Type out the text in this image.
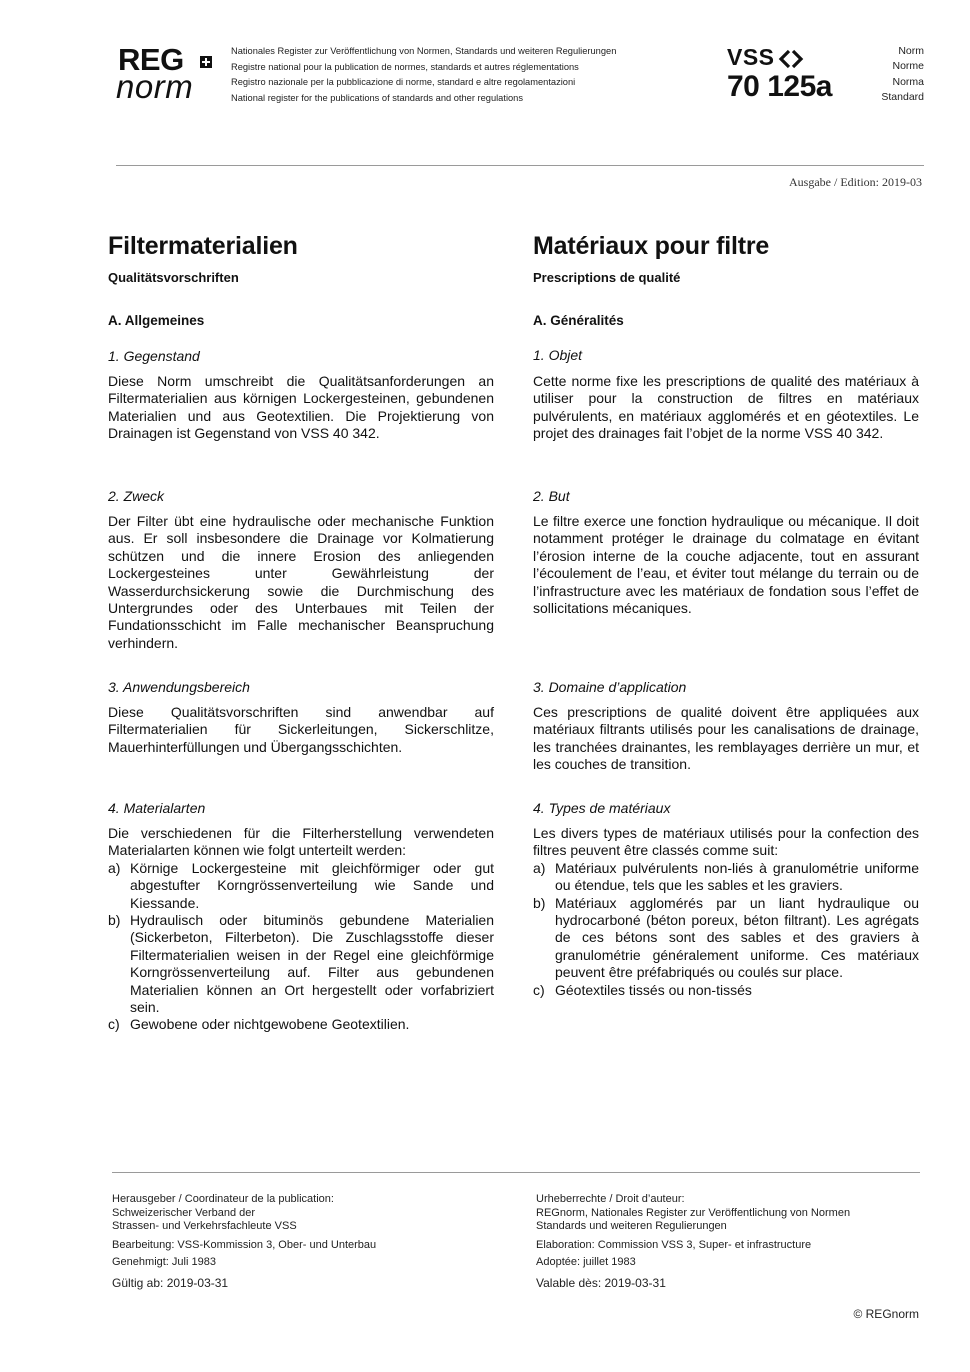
REG
norm
Nationales Register zur Veröffentlichung von Normen, Standards und weiteren Regulierungen
Registre national pour la publication de normes, standards et autres réglementations
Registro nazionale per la pubblicazione di norme, standard e altre regolamentazioni
National register for the publications of standards and other regulations
VSS
70 125a
Norm
Norme
Norma
Standard
Ausgabe / Edition: 2019-03
Filtermaterialien
Qualitätsvorschriften
A. Allgemeines
1. Gegenstand
Diese Norm umschreibt die Qualitätsanforderungen an Filtermaterialien aus körnigen Lockergesteinen, gebundenen Materialien und aus Geotextilien. Die Projektierung von Drainagen ist Gegenstand von VSS 40 342.
2. Zweck
Der Filter übt eine hydraulische oder mechanische Funktion aus. Er soll insbesondere die Drainage vor Kolmatierung schützen und die innere Erosion des anliegenden Lockergesteines unter Gewährleistung der Wasserdurchsickerung sowie die Durchmischung des Untergrundes oder des Unterbaues mit Teilen der Fundationsschicht im Falle mechanischer Beanspruchung verhindern.
3. Anwendungsbereich
Diese Qualitätsvorschriften sind anwendbar auf Filtermaterialien für Sickerleitungen, Sickerschlitze, Mauerhinterfüllungen und Übergangsschichten.
4. Materialarten
Die verschiedenen für die Filterherstellung verwendeten Materialarten können wie folgt unterteilt werden:
a) Körnige Lockergesteine mit gleichförmiger oder gut abgestufter Korngrössenverteilung wie Sande und Kiessande.
b) Hydraulisch oder bituminös gebundene Materialien (Sickerbeton, Filterbeton). Die Zuschlagsstoffe dieser Filtermaterialien weisen in der Regel eine gleichförmige Korngrössenverteilung auf. Filter aus gebundenen Materialien können an Ort hergestellt oder vorfabriziert sein.
c) Gewobene oder nichtgewobene Geotextilien.
Matériaux pour filtre
Prescriptions de qualité
A. Généralités
1. Objet
Cette norme fixe les prescriptions de qualité des matériaux à utiliser pour la construction de filtres en matériaux pulvérulents, en matériaux agglomérés et en géotextiles. Le projet des drainages fait l’objet de la norme VSS 40 342.
2. But
Le filtre exerce une fonction hydraulique ou mécanique. Il doit notamment protéger le drainage du colmatage en évitant l’érosion interne de la couche adjacente, tout en assurant l’écoulement de l’eau, et éviter tout mélange du terrain ou de l’infrastructure avec les matériaux de fondation sous l’effet de sollicitations mécaniques.
3. Domaine d’application
Ces prescriptions de qualité doivent être appliquées aux matériaux filtrants utilisés pour les canalisations de drainage, les tranchées drainantes, les remblayages derrière un mur, et les couches de transition.
4. Types de matériaux
Les divers types de matériaux utilisés pour la confection des filtres peuvent être classés comme suit:
a) Matériaux pulvérulents non-liés à granulométrie uniforme ou étendue, tels que les sables et les graviers.
b) Matériaux agglomérés par un liant hydraulique ou hydrocarboné (béton poreux, béton filtrant). Les agrégats de ces bétons sont des sables et des graviers à granulométrie généralement uniforme. Ces matériaux peuvent être préfabriqués ou coulés sur place.
c) Géotextiles tissés ou non-tissés
Herausgeber / Coordinateur de la publication:
Schweizerischer Verband der
Strassen- und Verkehrsfachleute VSS
Bearbeitung: VSS-Kommission 3, Ober- und Unterbau
Genehmigt: Juli 1983
Gültig ab: 2019-03-31
Urheberrechte / Droit d’auteur:
REGnorm, Nationales Register zur Veröffentlichung von Normen
Standards und weiteren Regulierungen
Elaboration: Commission VSS 3, Super- et infrastructure
Adoptée: juillet 1983
Valable dès: 2019-03-31
© REGnorm
